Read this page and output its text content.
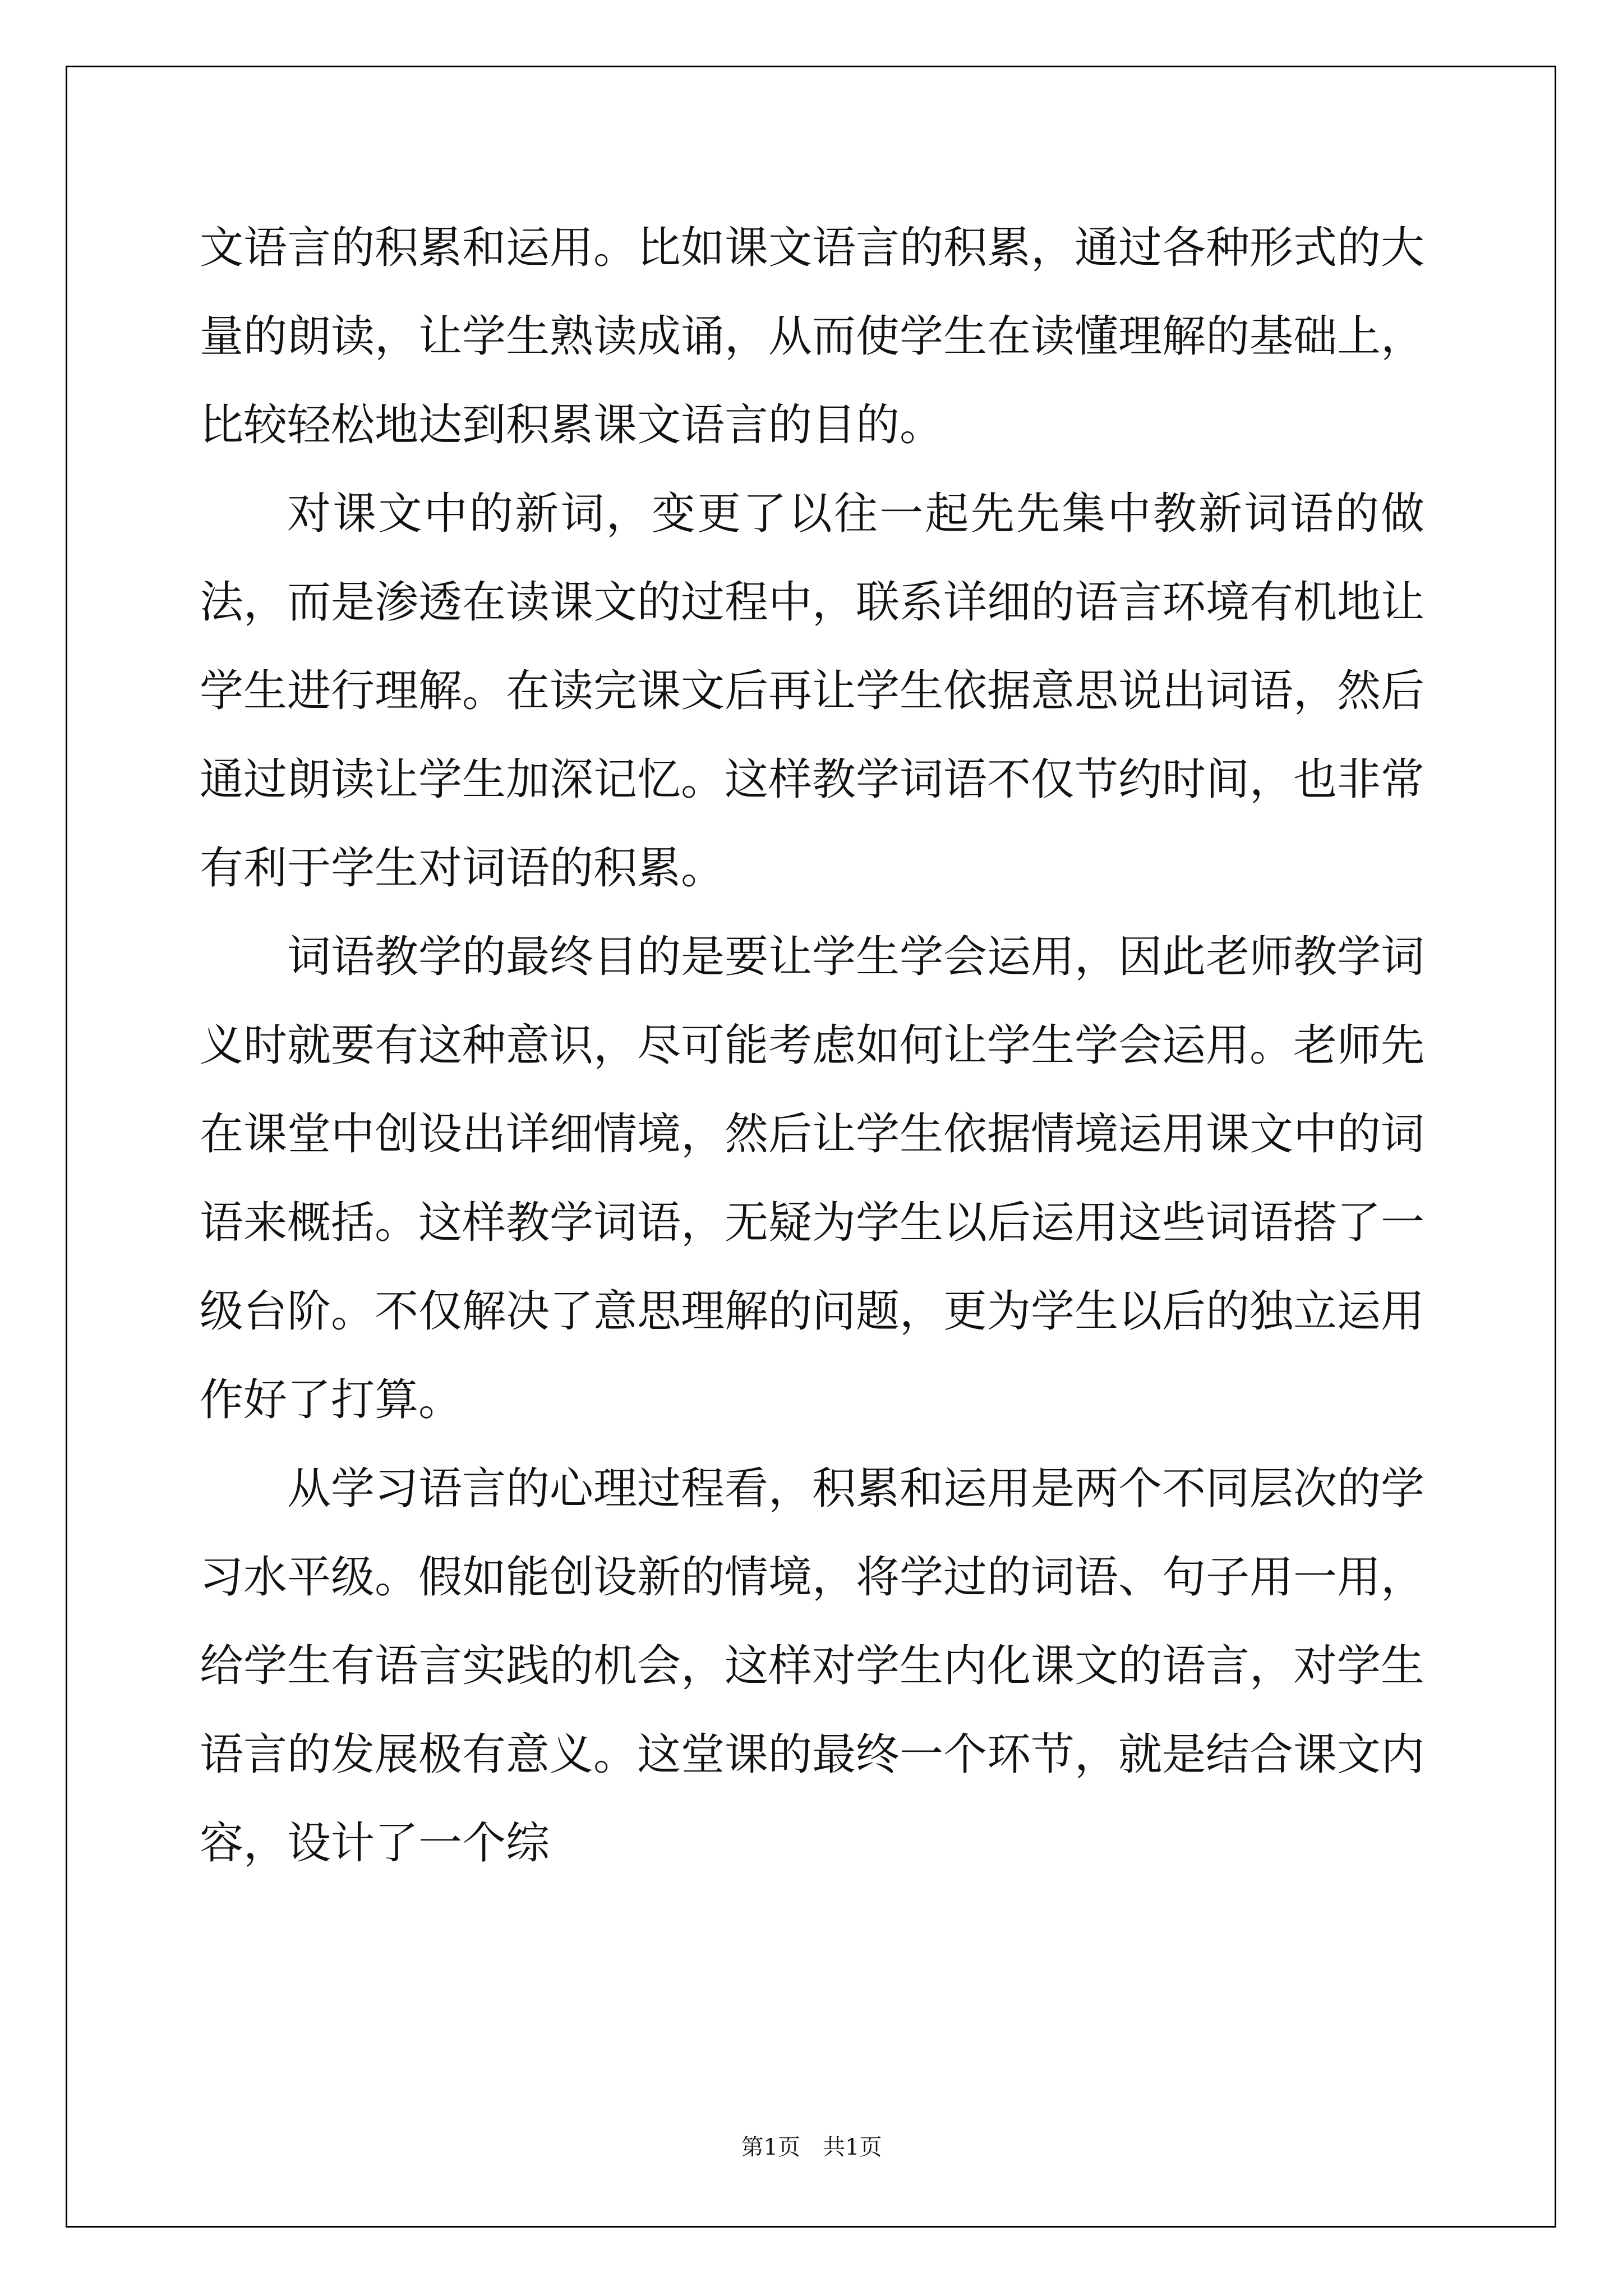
文语言的积累和运用。比如课文语言的积累，通过各种形式的大量的朗读，让学生熟读成诵，从而使学生在读懂理解的基础上，比较轻松地达到积累课文语言的目的。

对课文中的新词，变更了以往一起先先集中教新词语的做法，而是渗透在读课文的过程中，联系详细的语言环境有机地让学生进行理解。在读完课文后再让学生依据意思说出词语，然后通过朗读让学生加深记忆。这样教学词语不仅节约时间，也非常有利于学生对词语的积累。

词语教学的最终目的是要让学生学会运用，因此老师教学词义时就要有这种意识，尽可能考虑如何让学生学会运用。老师先在课堂中创设出详细情境，然后让学生依据情境运用课文中的词语来概括。这样教学词语，无疑为学生以后运用这些词语搭了一级台阶。不仅解决了意思理解的问题，更为学生以后的独立运用作好了打算。

从学习语言的心理过程看，积累和运用是两个不同层次的学习水平级。假如能创设新的情境，将学过的词语、句子用一用，给学生有语言实践的机会，这样对学生内化课文的语言，对学生语言的发展极有意义。这堂课的最终一个环节，就是结合课文内容，设计了一个综

第1页　共1页
